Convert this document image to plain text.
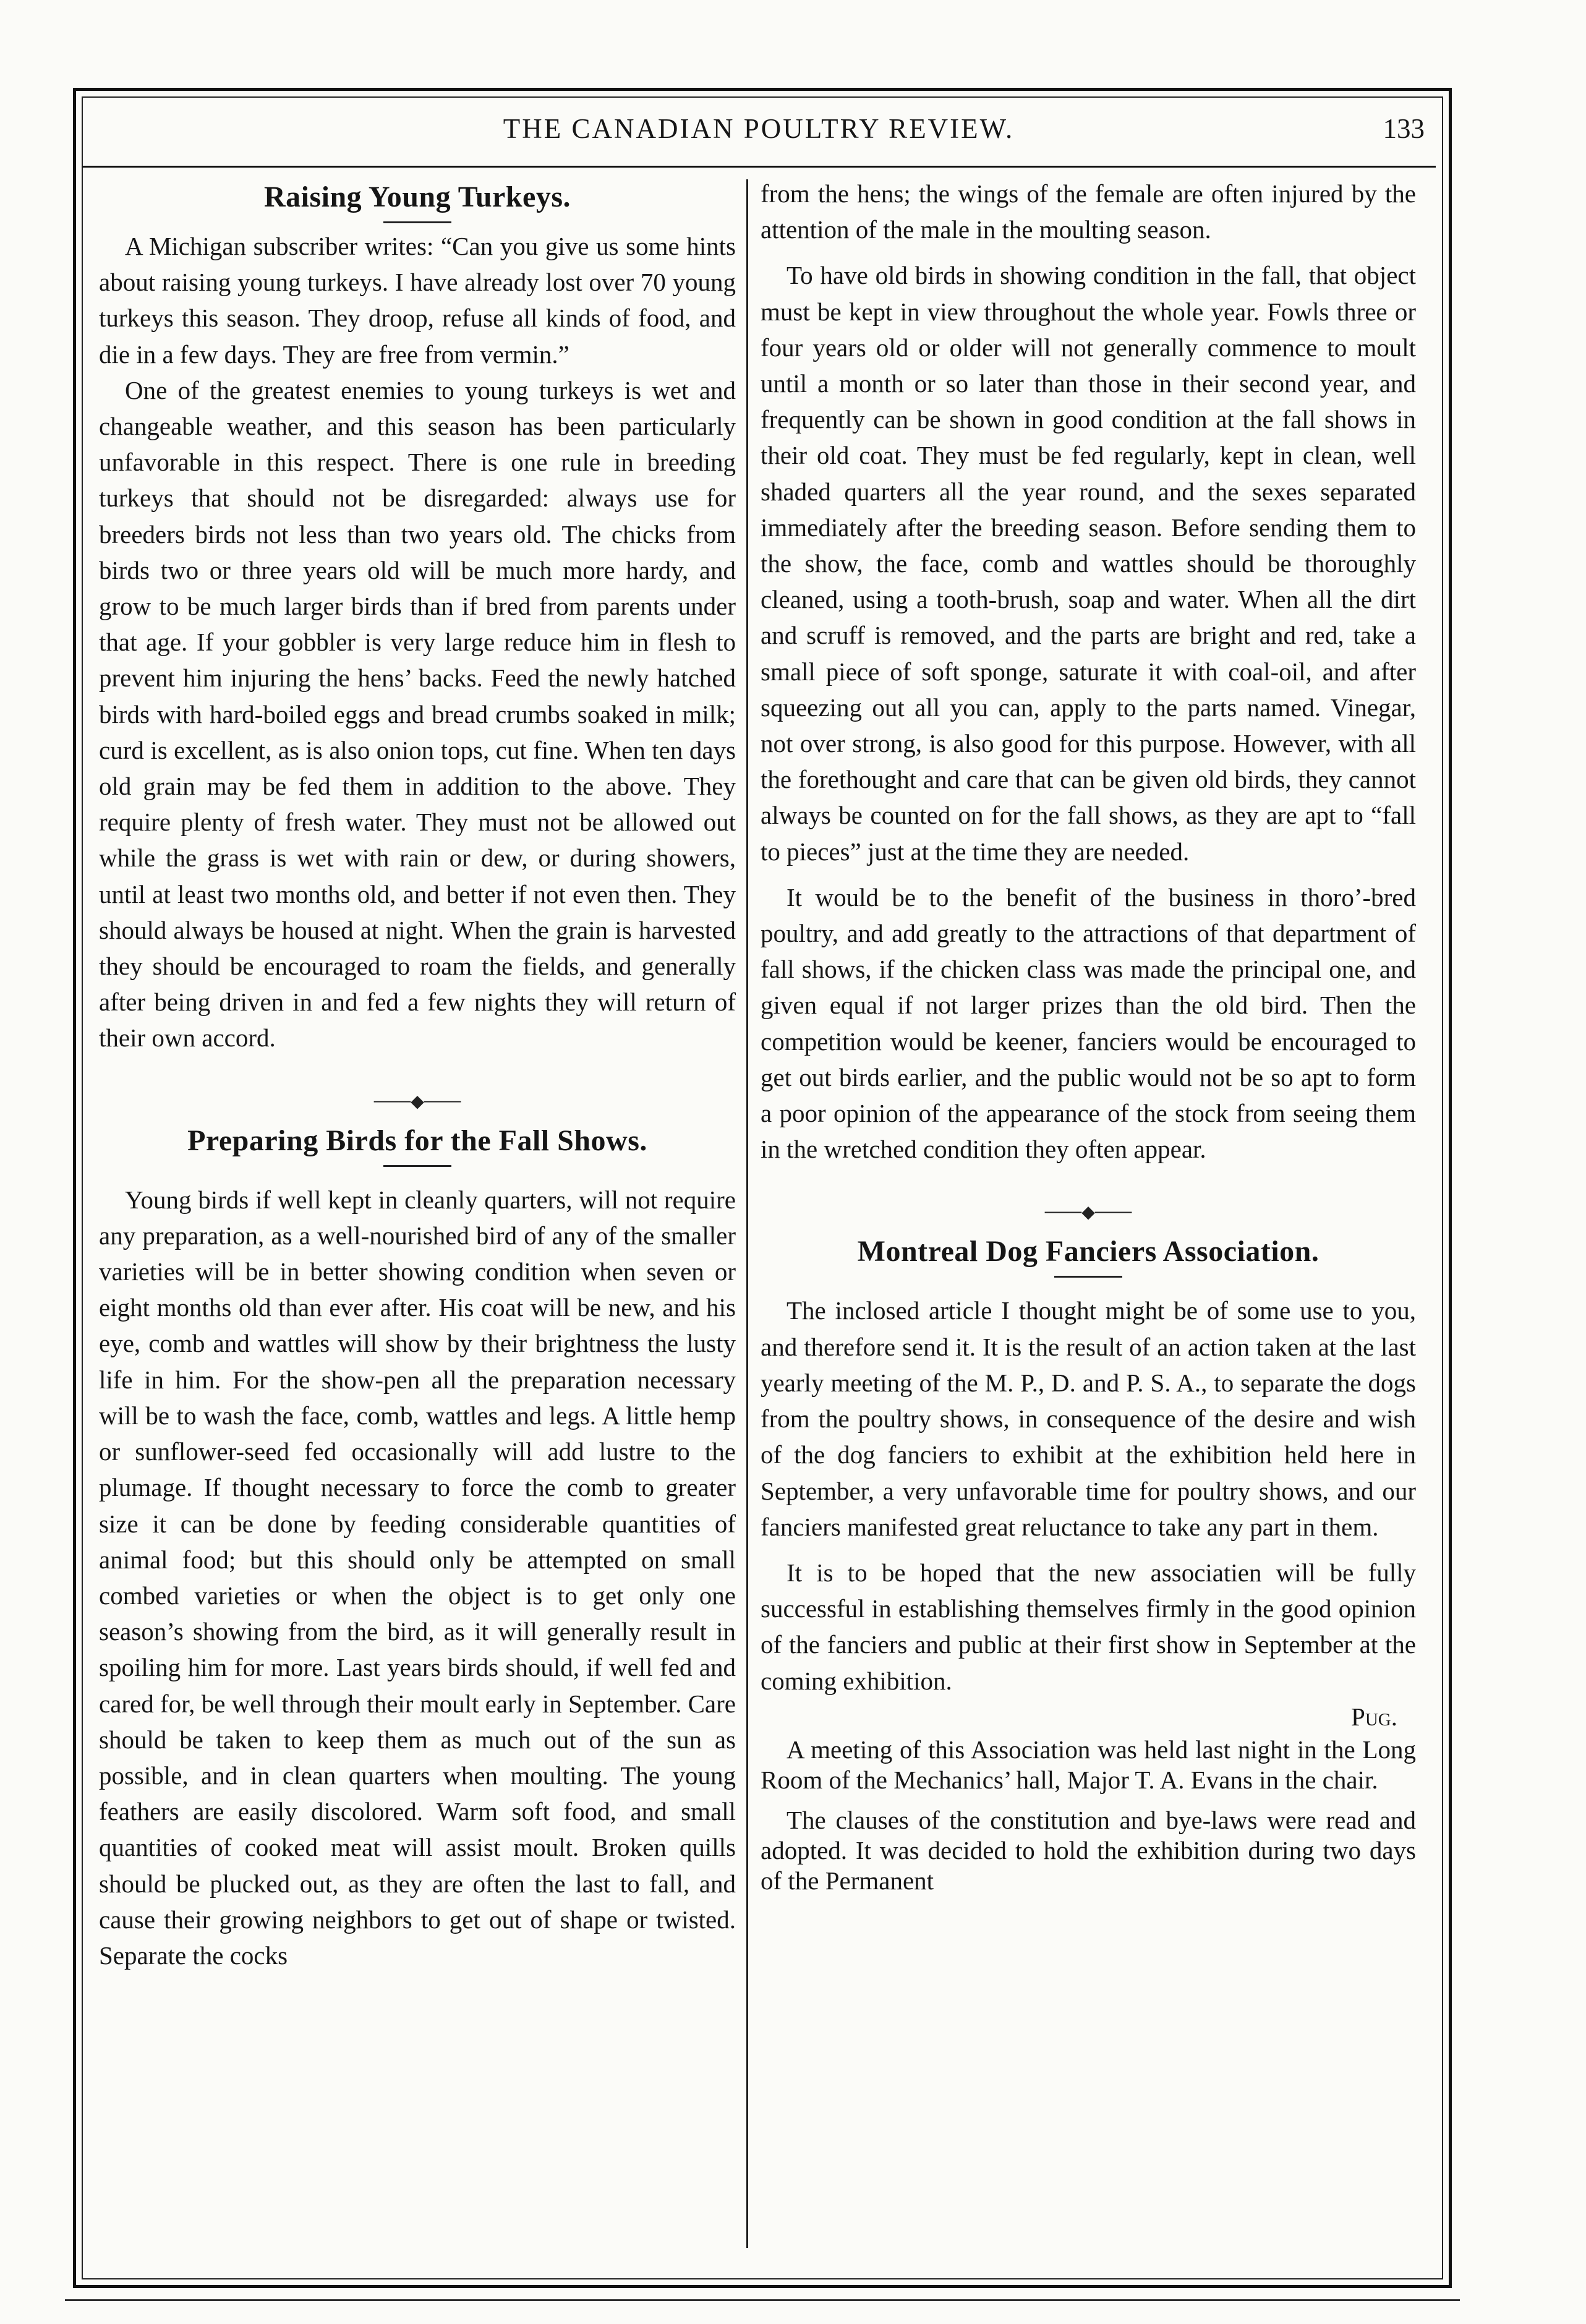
THE CANADIAN POULTRY REVIEW.	133
Raising Young Turkeys.

A Michigan subscriber writes: “Can you give us some hints about raising young turkeys. I have already lost over 70 young turkeys this season. They droop, refuse all kinds of food, and die in a few days. They are free from vermin.”

One of the greatest enemies to young turkeys is wet and changeable weather, and this season has been particularly unfavorable in this respect. There is one rule in breeding turkeys that should not be disregarded: always use for breeders birds not less than two years old. The chicks from birds two or three years old will be much more hardy, and grow to be much larger birds than if bred from parents under that age. If your gobbler is very large reduce him in flesh to prevent him injuring the hens’ backs. Feed the newly hatched birds with hard-boiled eggs and bread crumbs soaked in milk; curd is excellent, as is also onion tops, cut fine. When ten days old grain may be fed them in addition to the above. They require plenty of fresh water. They must not be allowed out while the grass is wet with rain or dew, or during showers, until at least two months old, and better if not even then. They should always be housed at night. When the grain is harvested they should be encouraged to roam the fields, and generally after being driven in and fed a few nights they will return of their own accord.

───◆───
Preparing Birds for the Fall Shows.

Young birds if well kept in cleanly quarters, will not require any preparation, as a well-nourished bird of any of the smaller varieties will be in better showing condition when seven or eight months old than ever after. His coat will be new, and his eye, comb and wattles will show by their brightness the lusty life in him. For the show-pen all the preparation necessary will be to wash the face, comb, wattles and legs. A little hemp or sunflower-seed fed occasionally will add lustre to the plumage. If thought necessary to force the comb to greater size it can be done by feeding considerable quantities of animal food; but this should only be attempted on small combed varieties or when the object is to get only one season’s showing from the bird, as it will generally result in spoiling him for more. Last years birds should, if well fed and cared for, be well through their moult early in September. Care should be taken to keep them as much out of the sun as possible, and in clean quarters when moulting. The young feathers are easily discolored. Warm soft food, and small quantities of cooked meat will assist moult. Broken quills should be plucked out, as they are often the last to fall, and cause their growing neighbors to get out of shape or twisted. Separate the cocks

from the hens; the wings of the female are often injured by the attention of the male in the moulting season.

To have old birds in showing condition in the fall, that object must be kept in view throughout the whole year. Fowls three or four years old or older will not generally commence to moult until a month or so later than those in their second year, and frequently can be shown in good condition at the fall shows in their old coat. They must be fed regularly, kept in clean, well shaded quarters all the year round, and the sexes separated immediately after the breeding season. Before sending them to the show, the face, comb and wattles should be thoroughly cleaned, using a tooth-brush, soap and water. When all the dirt and scruff is removed, and the parts are bright and red, take a small piece of soft sponge, saturate it with coal-oil, and after squeezing out all you can, apply to the parts named. Vinegar, not over strong, is also good for this purpose. However, with all the forethought and care that can be given old birds, they cannot always be counted on for the fall shows, as they are apt to “fall to pieces” just at the time they are needed.

It would be to the benefit of the business in thoro’-bred poultry, and add greatly to the attractions of that department of fall shows, if the chicken class was made the principal one, and given equal if not larger prizes than the old bird. Then the competition would be keener, fanciers would be encouraged to get out birds earlier, and the public would not be so apt to form a poor opinion of the appearance of the stock from seeing them in the wretched condition they often appear.

───◆───
Montreal Dog Fanciers Association.

The inclosed article I thought might be of some use to you, and therefore send it. It is the result of an action taken at the last yearly meeting of the M. P., D. and P. S. A., to separate the dogs from the poultry shows, in consequence of the desire and wish of the dog fanciers to exhibit at the exhibition held here in September, a very unfavorable time for poultry shows, and our fanciers manifested great reluctance to take any part in them.

It is to be hoped that the new associatien will be fully successful in establishing themselves firmly in the good opinion of the fanciers and public at their first show in September at the coming exhibition.

Pug.

A meeting of this Association was held last night in the Long Room of the Mechanics’ hall, Major T. A. Evans in the chair.

The clauses of the constitution and bye-laws were read and adopted. It was decided to hold the exhibition during two days of the Permanent
